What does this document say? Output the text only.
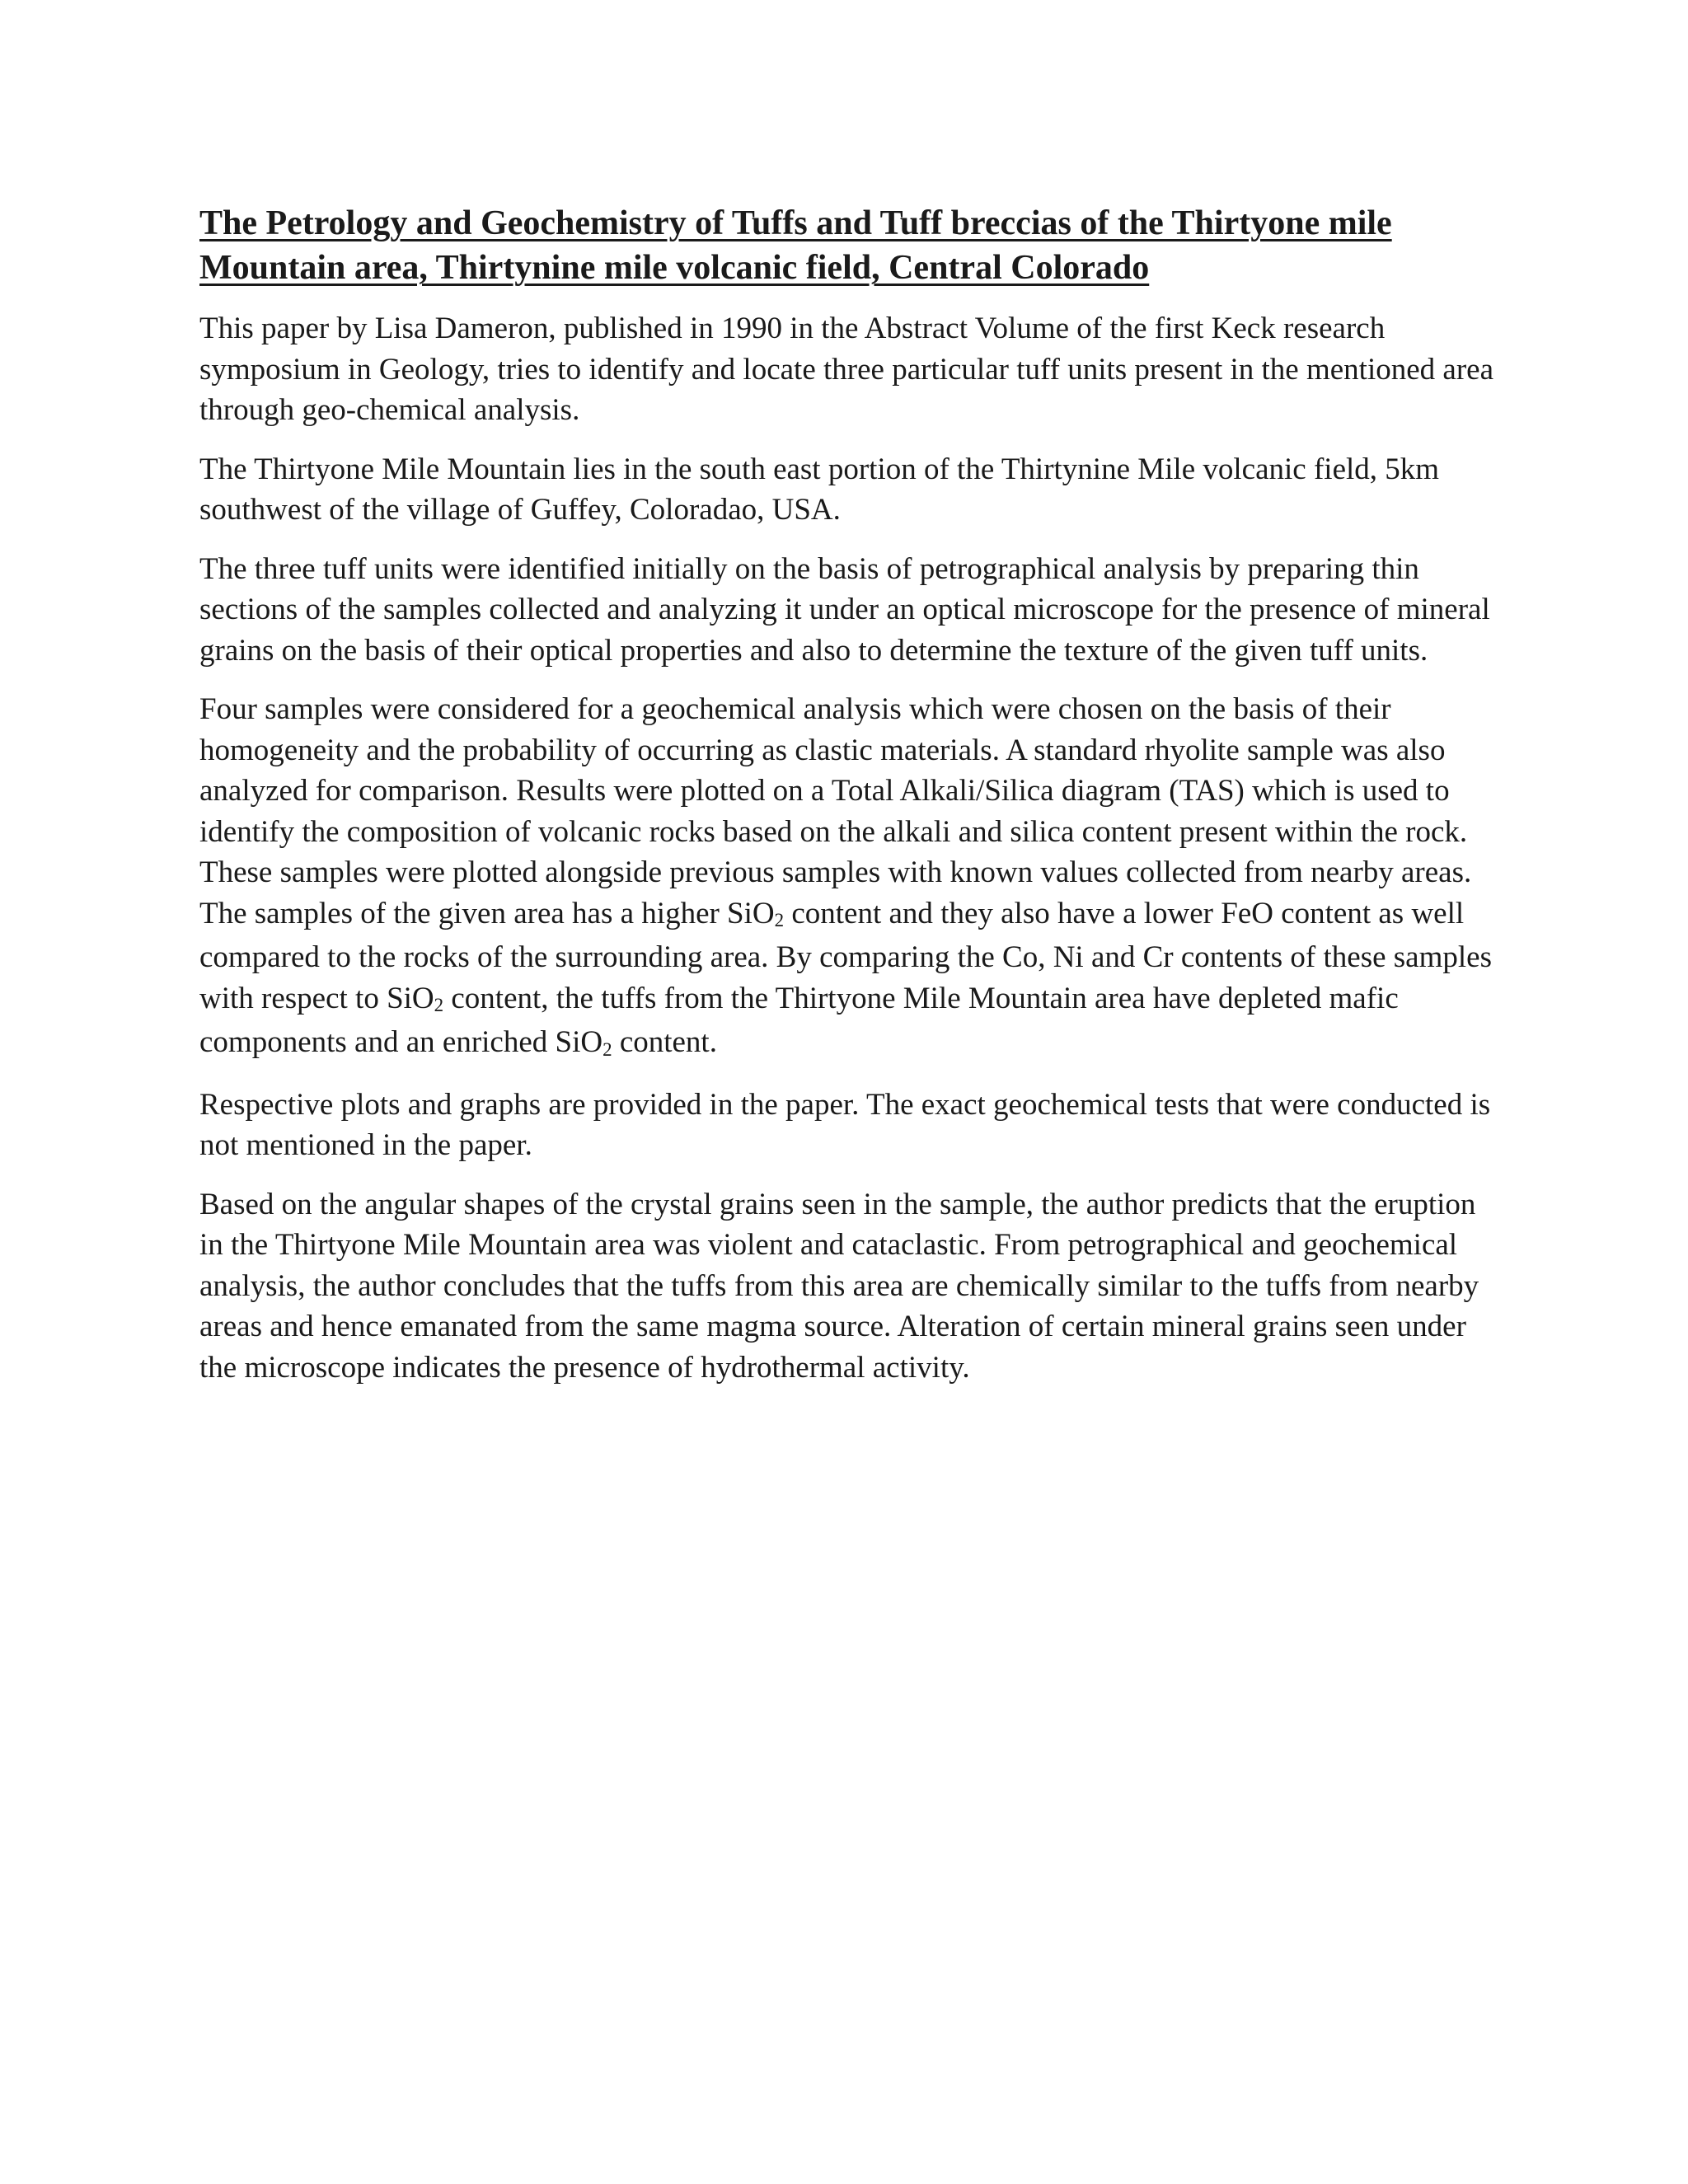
The Petrology and Geochemistry of Tuffs and Tuff breccias of the Thirtyone mile Mountain area, Thirtynine mile volcanic field, Central Colorado

This paper by Lisa Dameron, published in 1990 in the Abstract Volume of the first Keck research symposium in Geology, tries to identify and locate three particular tuff units present in the mentioned area through geo-chemical analysis.

The Thirtyone Mile Mountain lies in the south east portion of the Thirtynine Mile volcanic field, 5km southwest of the village of Guffey, Coloradao, USA.

The three tuff units were identified initially on the basis of petrographical analysis by preparing thin sections of the samples collected and analyzing it under an optical microscope for the presence of mineral grains on the basis of their optical properties and also to determine the texture of the given tuff units.

Four samples were considered for a geochemical analysis which were chosen on the basis of their homogeneity and the probability of occurring as clastic materials. A standard rhyolite sample was also analyzed for comparison. Results were plotted on a Total Alkali/Silica diagram (TAS) which is used to identify the composition of volcanic rocks based on the alkali and silica content present within the rock. These samples were plotted alongside previous samples with known values collected from nearby areas. The samples of the given area has a higher SiO$_2$ content and they also have a lower FeO content as well compared to the rocks of the surrounding area. By comparing the Co, Ni and Cr contents of these samples with respect to SiO$_2$ content, the tuffs from the Thirtyone Mile Mountain area have depleted mafic components and an enriched SiO$_2$ content.

Respective plots and graphs are provided in the paper. The exact geochemical tests that were conducted is not mentioned in the paper.

Based on the angular shapes of the crystal grains seen in the sample, the author predicts that the eruption in the Thirtyone Mile Mountain area was violent and cataclastic. From petrographical and geochemical analysis, the author concludes that the tuffs from this area are chemically similar to the tuffs from nearby areas and hence emanated from the same magma source. Alteration of certain mineral grains seen under the microscope indicates the presence of hydrothermal activity.
